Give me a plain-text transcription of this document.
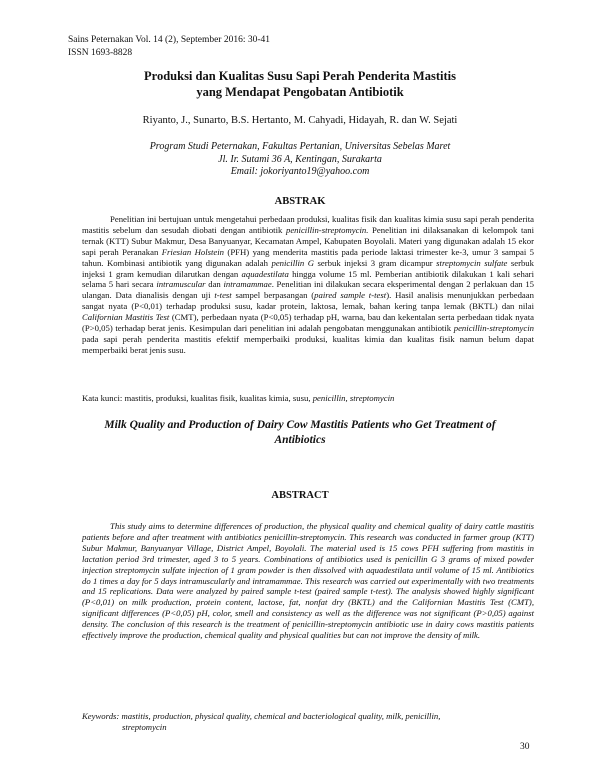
Sains Peternakan Vol. 14 (2), September 2016: 30-41
ISSN 1693-8828
Produksi dan Kualitas Susu Sapi Perah Penderita Mastitis
yang Mendapat Pengobatan Antibiotik
Riyanto, J., Sunarto, B.S. Hertanto, M. Cahyadi, Hidayah, R. dan W. Sejati
Program Studi Peternakan, Fakultas Pertanian, Universitas Sebelas Maret
Jl. Ir. Sutami 36 A, Kentingan, Surakarta
Email: jokoriyanto19@yahoo.com
ABSTRAK

Penelitian ini bertujuan untuk mengetahui perbedaan produksi, kualitas fisik dan kualitas kimia susu sapi perah penderita mastitis sebelum dan sesudah diobati dengan antibiotik penicillin-streptomycin. Penelitian ini dilaksanakan di kelompok tani ternak (KTT) Subur Makmur, Desa Banyuanyar, Kecamatan Ampel, Kabupaten Boyolali. Materi yang digunakan adalah 15 ekor sapi perah Peranakan Friesian Holstein (PFH) yang menderita mastitis pada periode laktasi trimester ke-3, umur 3 sampai 5 tahun. Kombinasi antibiotik yang digunakan adalah penicillin G serbuk injeksi 3 gram dicampur streptomycin sulfate serbuk injeksi 1 gram kemudian dilarutkan dengan aquadestilata hingga volume 15 ml. Pemberian antibiotik dilakukan 1 kali sehari selama 5 hari secara intramuscular dan intramammae. Penelitian ini dilakukan secara eksperimental dengan 2 perlakuan dan 15 ulangan. Data dianalisis dengan uji t-test sampel berpasangan (paired sample t-test). Hasil analisis menunjukkan perbedaan sangat nyata (P<0,01) terhadap produksi susu, kadar protein, laktosa, lemak, bahan kering tanpa lemak (BKTL) dan nilai Californian Mastitis Test (CMT), perbedaan nyata (P<0,05) terhadap pH, warna, bau dan kekentalan serta perbedaan tidak nyata (P>0,05) terhadap berat jenis. Kesimpulan dari penelitian ini adalah pengobatan menggunakan antibiotik penicillin-streptomycin pada sapi perah penderita mastitis efektif memperbaiki produksi, kualitas kimia dan kualitas fisik namun belum dapat memperbaiki berat jenis susu.

Kata kunci: mastitis, produksi, kualitas fisik, kualitas kimia, susu, penicillin, streptomycin
Milk Quality and Production of Dairy Cow Mastitis Patients who Get Treatment of
Antibiotics
ABSTRACT

This study aims to determine differences of production, the physical quality and chemical quality of dairy cattle mastitis patients before and after treatment with antibiotics penicillin-streptomycin. This research was conducted in farmer group (KTT) Subur Makmur, Banyuanyar Village, District Ampel, Boyolali. The material used is 15 cows PFH suffering from mastitis in lactation period 3rd trimester, aged 3 to 5 years. Combinations of antibiotics used is penicillin G 3 grams of mixed powder injection streptomycin sulfate injection of 1 gram powder is then dissolved with aquadestilata until volume of 15 ml. Antibiotics do 1 times a day for 5 days intramuscularly and intramammae. This research was carried out experimentally with two treatments and 15 replications. Data were analyzed by paired sample t-test (paired sample t-test). The analysis showed highly significant (P<0,01) on milk production, protein content, lactose, fat, nonfat dry (BKTL) and the Californian Mastitis Test (CMT), significant differences (P<0,05) pH, color, smell and consistency as well as the difference was not significant (P>0,05) against density. The conclusion of this research is the treatment of penicillin-streptomycin antibiotic use in dairy cows mastitis patients effectively improve the production, chemical quality and physical qualities but can not improve the density of milk.

Keywords: mastitis, production, physical quality, chemical and bacteriological quality, milk, penicillin,
streptomycin
30
